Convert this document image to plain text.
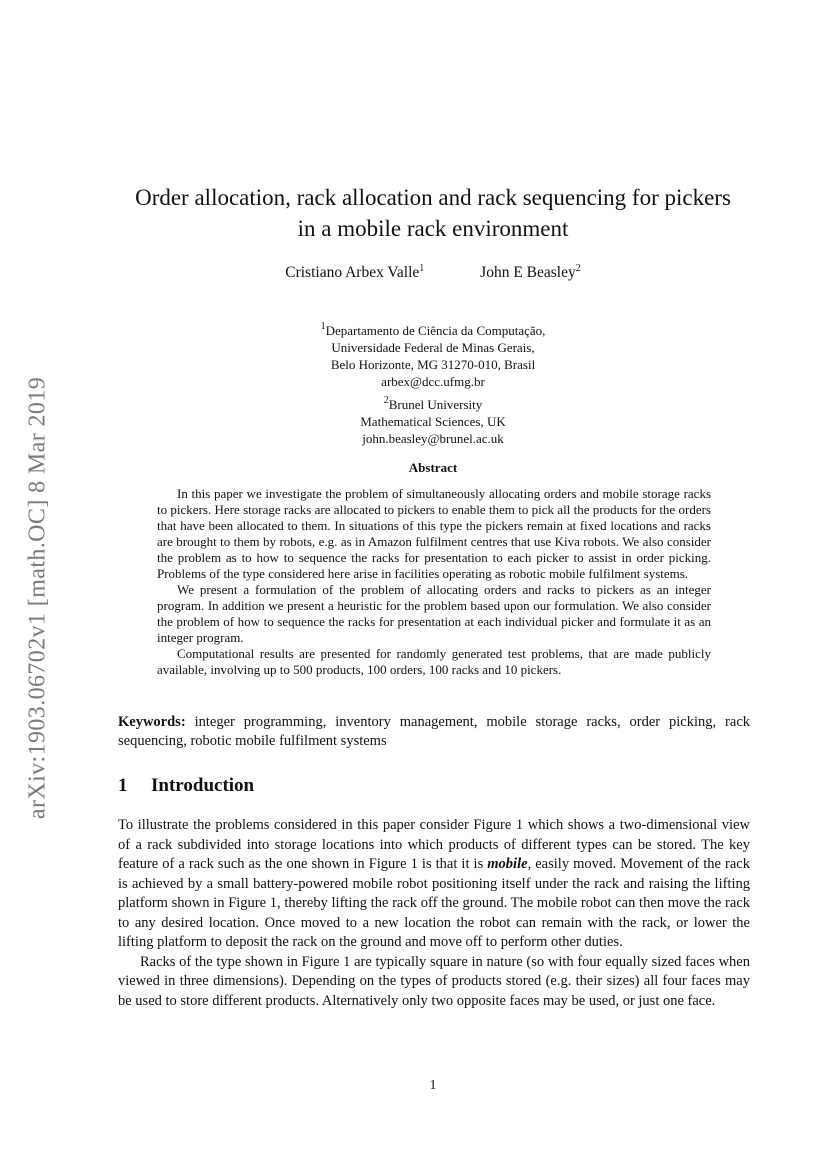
arXiv:1903.06702v1 [math.OC] 8 Mar 2019
Order allocation, rack allocation and rack sequencing for pickers
in a mobile rack environment
Cristiano Arbex Valle$^1$	John E Beasley$^2$
$^1$Departamento de Ciência da Computação,
Universidade Federal de Minas Gerais,
Belo Horizonte, MG 31270-010, Brasil
arbex@dcc.ufmg.br
$^2$Brunel University
Mathematical Sciences, UK
john.beasley@brunel.ac.uk
Abstract

In this paper we investigate the problem of simultaneously allocating orders and mobile storage racks to pickers. Here storage racks are allocated to pickers to enable them to pick all the products for the orders that have been allocated to them. In situations of this type the pickers remain at fixed locations and racks are brought to them by robots, e.g. as in Amazon fulfilment centres that use Kiva robots. We also consider the problem as to how to sequence the racks for presentation to each picker to assist in order picking. Problems of the type considered here arise in facilities operating as robotic mobile fulfilment systems.

We present a formulation of the problem of allocating orders and racks to pickers as an integer program. In addition we present a heuristic for the problem based upon our formulation. We also consider the problem of how to sequence the racks for presentation at each individual picker and formulate it as an integer program.

Computational results are presented for randomly generated test problems, that are made publicly available, involving up to 500 products, 100 orders, 100 racks and 10 pickers.

Keywords: integer programming, inventory management, mobile storage racks, order picking, rack sequencing, robotic mobile fulfilment systems
1 Introduction

To illustrate the problems considered in this paper consider Figure 1 which shows a two-dimensional view of a rack subdivided into storage locations into which products of different types can be stored. The key feature of a rack such as the one shown in Figure 1 is that it is mobile, easily moved. Movement of the rack is achieved by a small battery-powered mobile robot positioning itself under the rack and raising the lifting platform shown in Figure 1, thereby lifting the rack off the ground. The mobile robot can then move the rack to any desired location. Once moved to a new location the robot can remain with the rack, or lower the lifting platform to deposit the rack on the ground and move off to perform other duties.

Racks of the type shown in Figure 1 are typically square in nature (so with four equally sized faces when viewed in three dimensions). Depending on the types of products stored (e.g. their sizes) all four faces may be used to store different products. Alternatively only two opposite faces may be used, or just one face.

1
